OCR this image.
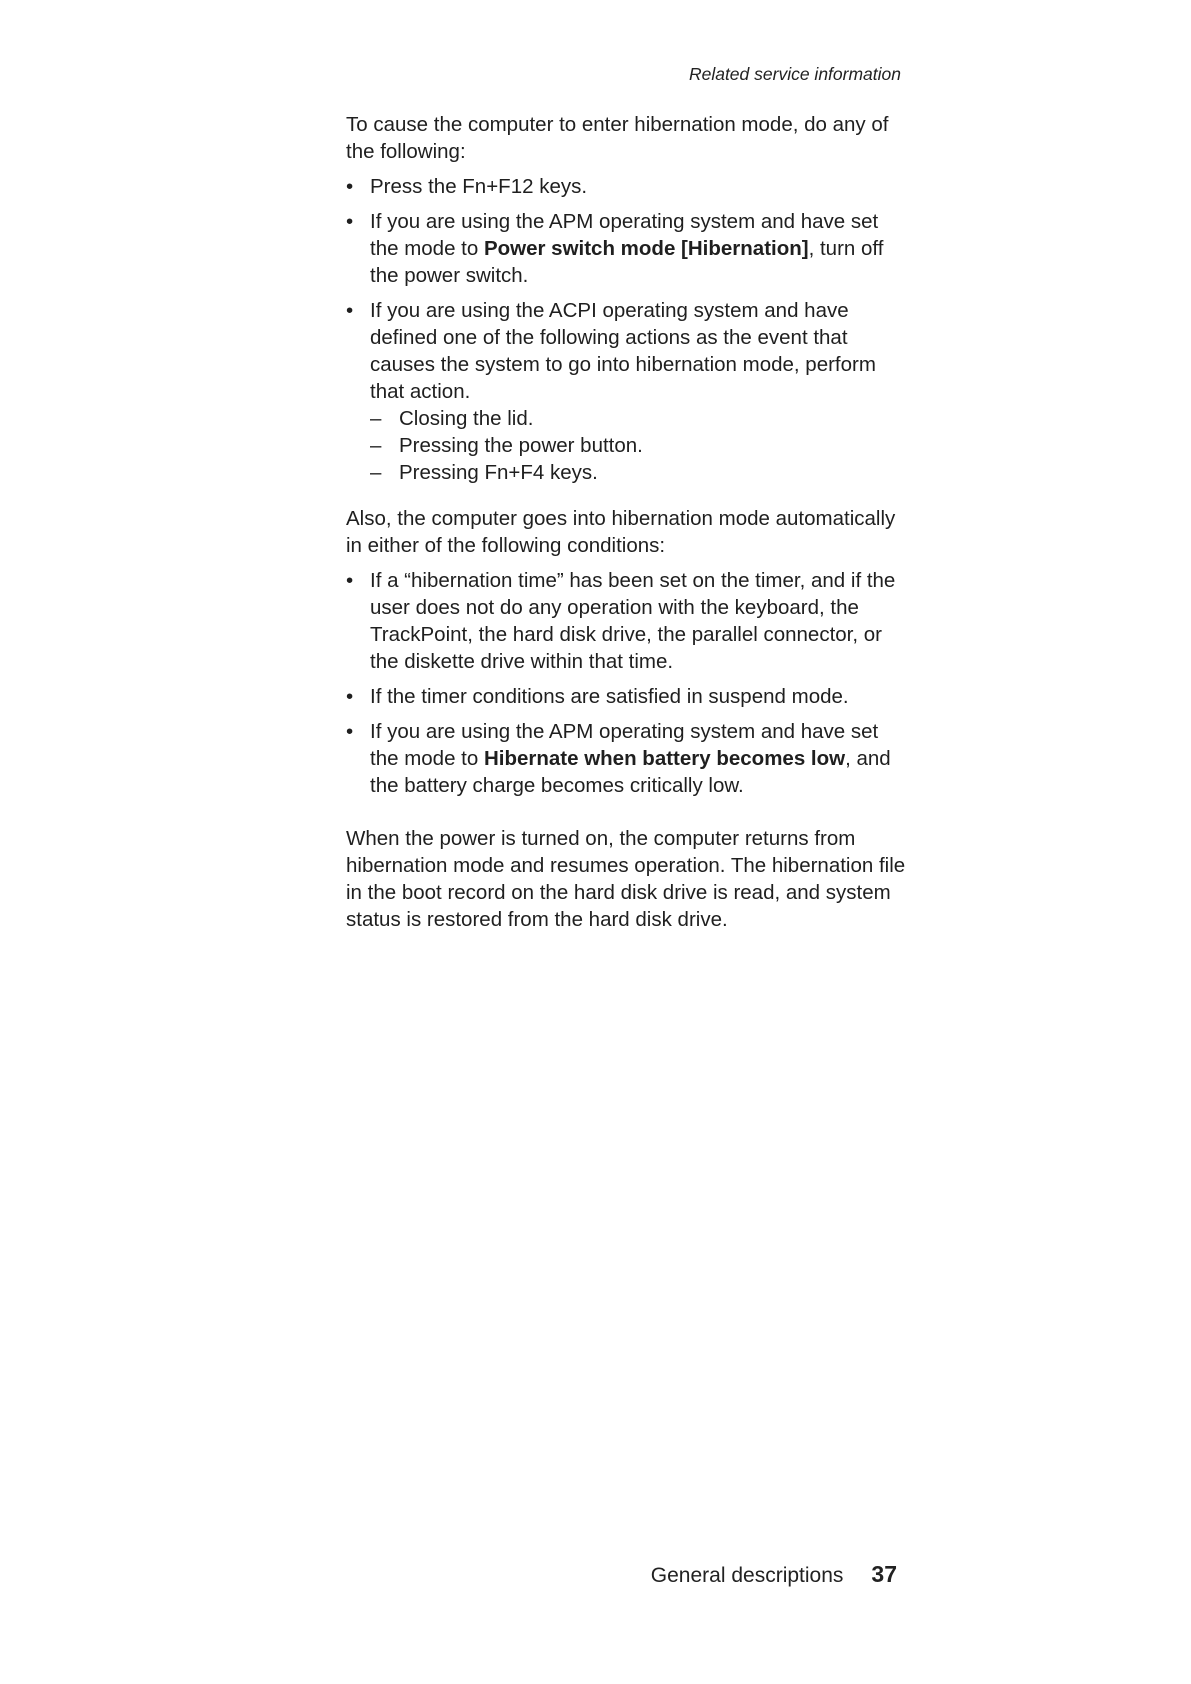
Related service information

To cause the computer to enter hibernation mode, do any of the following:

• Press the Fn+F12 keys.
• If you are using the APM operating system and have set the mode to Power switch mode [Hibernation], turn off the power switch.
• If you are using the ACPI operating system and have defined one of the following actions as the event that causes the system to go into hibernation mode, perform that action.
– Closing the lid.
– Pressing the power button.
– Pressing Fn+F4 keys.

Also, the computer goes into hibernation mode automatically in either of the following conditions:

• If a “hibernation time” has been set on the timer, and if the user does not do any operation with the keyboard, the TrackPoint, the hard disk drive, the parallel connector, or the diskette drive within that time.
• If the timer conditions are satisfied in suspend mode.
• If you are using the APM operating system and have set the mode to Hibernate when battery becomes low, and the battery charge becomes critically low.

When the power is turned on, the computer returns from hibernation mode and resumes operation. The hibernation file in the boot record on the hard disk drive is read, and system status is restored from the hard disk drive.

General descriptions 37
